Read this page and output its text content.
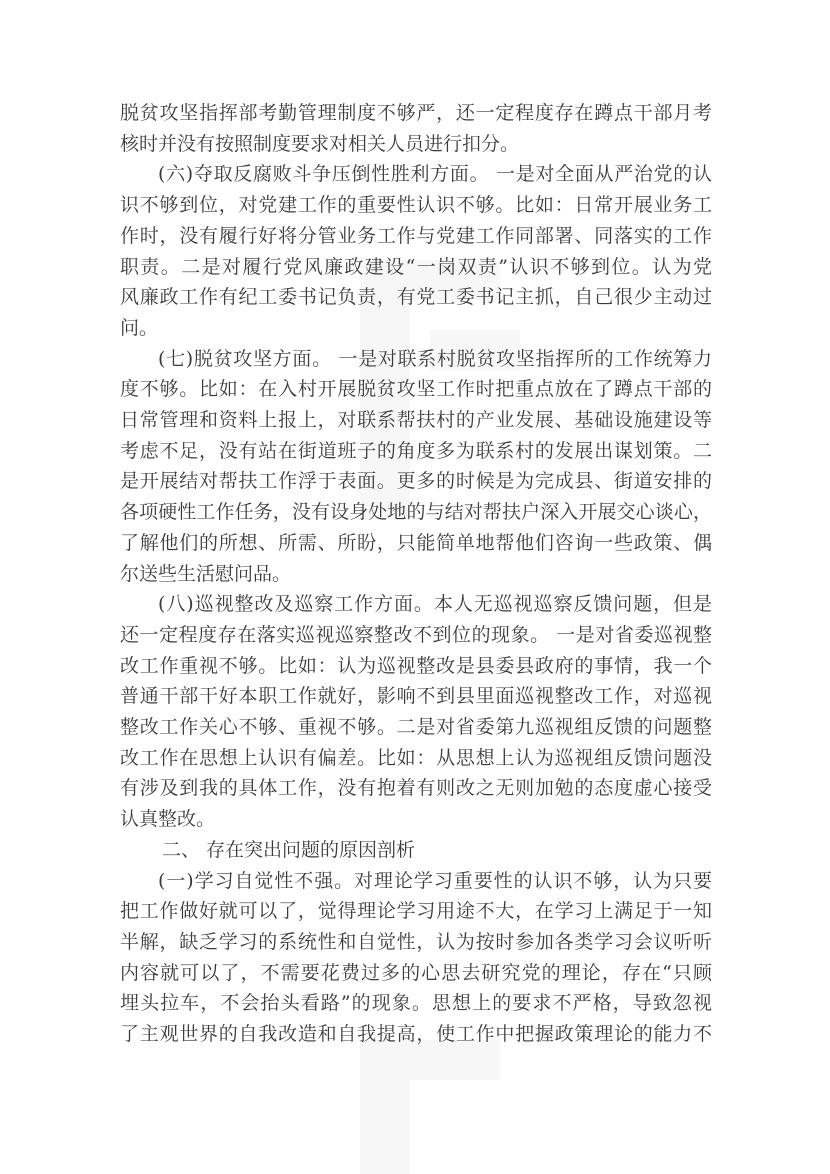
脱贫攻坚指挥部考勤管理制度不够严，还一定程度存在蹲点干部月考
核时并没有按照制度要求对相关人员进行扣分。
(六)夺取反腐败斗争压倒性胜利方面。 一是对全面从严治党的认
识不够到位，对党建工作的重要性认识不够。比如：日常开展业务工
作时，没有履行好将分管业务工作与党建工作同部署、同落实的工作
职责。二是对履行党风廉政建设“一岗双责”认识不够到位。认为党
风廉政工作有纪工委书记负责，有党工委书记主抓，自己很少主动过
问。
(七)脱贫攻坚方面。 一是对联系村脱贫攻坚指挥所的工作统筹力
度不够。比如：在入村开展脱贫攻坚工作时把重点放在了蹲点干部的
日常管理和资料上报上，对联系帮扶村的产业发展、基础设施建设等
考虑不足，没有站在街道班子的角度多为联系村的发展出谋划策。二
是开展结对帮扶工作浮于表面。更多的时候是为完成县、街道安排的
各项硬性工作任务，没有设身处地的与结对帮扶户深入开展交心谈心，
了解他们的所想、所需、所盼，只能简单地帮他们咨询一些政策、偶
尔送些生活慰问品。
(八)巡视整改及巡察工作方面。本人无巡视巡察反馈问题，但是
还一定程度存在落实巡视巡察整改不到位的现象。 一是对省委巡视整
改工作重视不够。比如：认为巡视整改是县委县政府的事情，我一个
普通干部干好本职工作就好，影响不到县里面巡视整改工作，对巡视
整改工作关心不够、重视不够。二是对省委第九巡视组反馈的问题整
改工作在思想上认识有偏差。比如：从思想上认为巡视组反馈问题没
有涉及到我的具体工作，没有抱着有则改之无则加勉的态度虚心接受
认真整改。
二、 存在突出问题的原因剖析
(一)学习自觉性不强。对理论学习重要性的认识不够，认为只要
把工作做好就可以了，觉得理论学习用途不大，在学习上满足于一知
半解，缺乏学习的系统性和自觉性，认为按时参加各类学习会议听听
内容就可以了，不需要花费过多的心思去研究党的理论，存在“只顾
埋头拉车，不会抬头看路”的现象。思想上的要求不严格，导致忽视
了主观世界的自我改造和自我提高，使工作中把握政策理论的能力不
